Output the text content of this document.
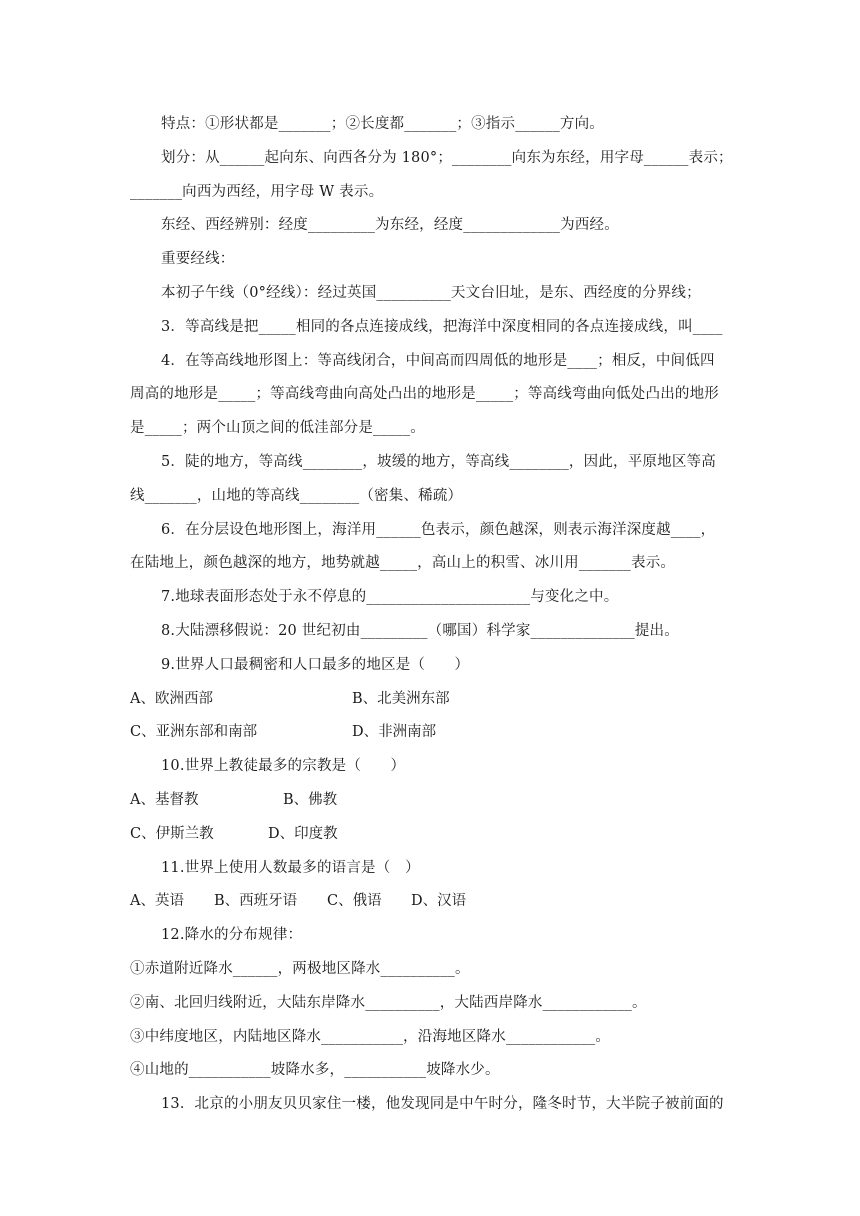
特点：①形状都是_______；②长度都_______；③指示______方向。
划分：从______起向东、向西各分为 180°；________向东为东经，用字母______表示；
_______向西为西经，用字母 W 表示。
东经、西经辨别：经度_________为东经，经度_____________为西经。
重要经线：
本初子午线（0°经线）：经过英国__________天文台旧址，是东、西经度的分界线；
3．等高线是把_____相同的各点连接成线，把海洋中深度相同的各点连接成线，叫____
4．在等高线地形图上：等高线闭合，中间高而四周低的地形是____；相反，中间低四
周高的地形是_____；等高线弯曲向高处凸出的地形是_____；等高线弯曲向低处凸出的地形
是_____；两个山顶之间的低洼部分是_____。
5．陡的地方，等高线________，坡缓的地方，等高线________，因此，平原地区等高
线_______，山地的等高线________（密集、稀疏）
6．在分层设色地形图上，海洋用______色表示，颜色越深，则表示海洋深度越____，
在陆地上，颜色越深的地方，地势就越_____，高山上的积雪、冰川用_______表示。
7.地球表面形态处于永不停息的______________________与变化之中。
8.大陆漂移假说：20 世纪初由_________（哪国）科学家______________提出。
9.世界人口最稠密和人口最多的地区是（　　）
A、欧洲西部	B、北美洲东部
C、亚洲东部和南部	D、非洲南部
10.世界上教徒最多的宗教是（　　）
A、基督教	B、佛教
C、伊斯兰教	D、印度教
11.世界上使用人数最多的语言是（　）
A、英语	B、西班牙语	C、俄语	D、汉语
12.降水的分布规律：
①赤道附近降水______，两极地区降水__________。
②南、北回归线附近，大陆东岸降水__________，大陆西岸降水____________。
③中纬度地区，内陆地区降水___________，沿海地区降水____________。
④山地的___________坡降水多，___________坡降水少。
13．北京的小朋友贝贝家住一楼，他发现同是中午时分，隆冬时节，大半院子被前面的
